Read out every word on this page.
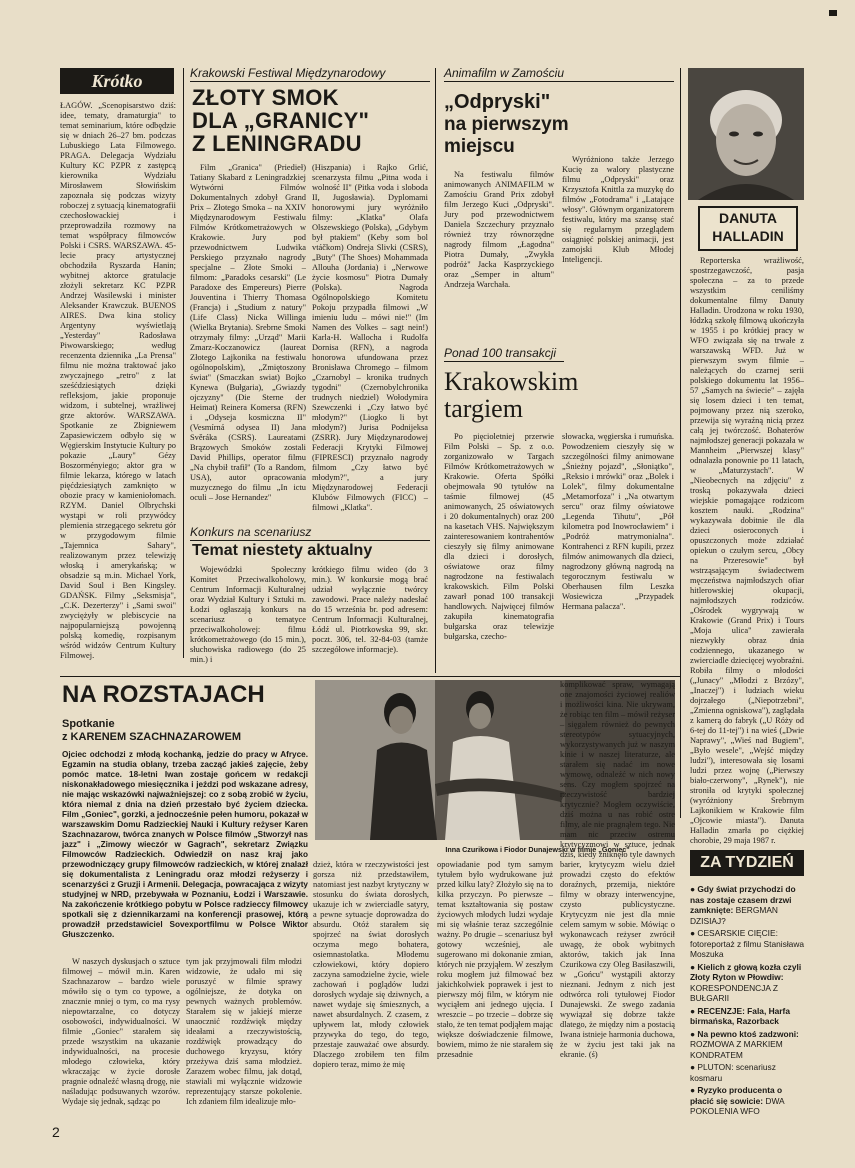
Krótko

ŁAGÓW. „Scenopisarstwo dziś: idee, tematy, dramaturgia" to temat seminarium, które odbędzie się w dniach 26–27 bm. podczas Lubuskiego Lata Filmowego. PRAGA. Delegacja Wydziału Kultury KC PZPR z zastępcą kierownika Wydziału Mirosławem Słowińskim zapoznała się podczas wizyty roboczej z sytuacją kinematografii czechosłowackiej i przeprowadziła rozmowy na temat współpracy filmowców Polski i CSRS. WARSZAWA. 45-lecie pracy artystycznej obchodziła Ryszarda Hanin; wybitnej aktorce gratulacje złożyli sekretarz KC PZPR Andrzej Wasilewski i minister Aleksander Krawczuk. BUENOS AIRES. Dwa kina stolicy Argentyny wyświetlają „Yesterday" Radosława Piwowarskiego; według recenzenta dziennika „La Prensa" filmu nie można traktować jako zwyczajnego „retro" z lat sześćdziesiątych dzięki refleksjom, jakie proponuje widzom, i subtelnej, wrażliwej grze aktorów. WARSZAWA. Spotkanie ze Zbigniewem Zapasiewiczem odbyło się w Węgierskim Instytucie Kultury po pokazie „Laury" Gézy Boszorményiego; aktor gra w filmie lekarza, którego w latach pięćdziesiątych zamknięto w obozie pracy w kamieniołomach. RZYM. Daniel Olbrychski wystąpi w roli przywódcy plemienia strzegącego sekretu gór w przygodowym filmie „Tajemnica Sahary", realizowanym przez telewizję włoską i amerykańską; w obsadzie są m.in. Michael York, David Soul i Ben Kingsley. GDAŃSK. Filmy „Seksmisja", „C.K. Dezerterzy" i „Sami swoi" zwyciężyły w plebiscycie na najpopularniejszą powojenną polską komedię, rozpisanym wśród widzów Centrum Kultury Filmowej.

Krakowski Festiwal Międzynarodowy
ZŁOTY SMOK
DLA „GRANICY"
Z LENINGRADU

Film „Granica" (Priedieł) Tatiany Skabard z Leningradzkiej Wytwórni Filmów Dokumentalnych zdobył Grand Prix – Złotego Smoka – na XXIV Międzynarodowym Festiwalu Filmów Krótkometrażowych w Krakowie. Jury pod przewodnictwem Ludwika Perskiego przyznało nagrody specjalne – Złote Smoki – filmom: „Paradoks cesarski" (Le Paradoxe des Empereurs) Pierre Jouventina i Thierry Thomasa (Francja) i „Studium z natury" (Life Class) Nicka Willinga (Wielka Brytania). Srebrne Smoki otrzymały filmy: „Urząd" Marii Zmarz-Koczanowicz (laureat Złotego Lajkonika na festiwalu ogólnopolskim), „Zmiętoszony świat" (Smaczkan swiat) Bojko Kynewa (Bułgaria), „Gwiazdy ojczyzny" (Die Sterne der Heimat) Reinera Komersa (RFN) i „Odyseja kosmiczna II" (Vesmírná odysea II) Jana Svěráka (CSRS). Laureatami Brązowych Smoków zostali David Phillips, operator filmu „Na chybił trafił" (To a Random, USA), autor opracowania muzycznego do filmu „In ictu oculi – Jose Hernandez"

(Hiszpania) i Rajko Grlić, scenarzysta filmu „Pitna woda i wolność II" (Pitka voda i sloboda II, Jugosławia). Dyplomami honorowymi jury wyróżniło filmy: „Klatka" Olafa Olszewskiego (Polska), „Gdybym był ptakiem" (Keby som bol vtáčkom) Ondreja Slivki (CSRS), „Buty" (The Shoes) Mohammada Allouha (Jordania) i „Nerwowe życie kosmosu" Piotra Dumały (Polska). Nagroda Ogólnopolskiego Komitetu Pokoju przypadła filmowi „W imieniu ludu – mówi nie!" (Im Namen des Volkes – sagt nein!) Karla-H. Wallocha i Rudolfa Dornisa (RFN), a nagroda honorowa ufundowana przez Bronisława Chromego – filmom „Czarnobyl – kronika trudnych tygodni" (Czernobylchronika trudnych niedziel) Wołodymira Szewczenki i „Czy łatwo być młodym?" (Liogko li byt młodym?) Jurisa Podnijeksa (ZSRR). Jury Międzynarodowej Federacji Krytyki Filmowej (FIPRESCI) przyznało nagrody filmom „Czy łatwo być młodym?", a jury Międzynarodowej Federacji Klubów Filmowych (FICC) – filmowi „Klatka".

Konkurs na scenariusz
Temat niestety aktualny

Wojewódzki Społeczny Komitet Przeciwalkoholowy, Centrum Informacji Kulturalnej oraz Wydział Kultury i Sztuki m. Łodzi ogłaszają konkurs na scenariusz o tematyce przeciwalkoholowej: filmu krótkometrażowego (do 15 min.), słuchowiska radiowego (do 25 min.) i

krótkiego filmu wideo (do 3 min.). W konkursie mogą brać udział wyłącznie twórcy zawodowi. Prace należy nadesłać do 15 września br. pod adresem: Centrum Informacji Kulturalnej, Łódź ul. Piotrkowska 99, skr. poczt. 306, tel. 32-84-03 (tamże szczegółowe informacje).

Animafilm w Zamościu
„Odpryski"
na pierwszym
miejscu

Na festiwalu filmów animowanych ANIMAFILM w Zamościu Grand Prix zdobył film Jerzego Kuci „Odpryski". Jury pod przewodnictwem Daniela Szczechury przyznało również trzy równorzędne nagrody filmom „Łagodna" Piotra Dumały, „Zwykła podróż" Jacka Kasprzyckiego oraz „Semper in altum" Andrzeja Warchała.

Wyróżniono także Jerzego Kucię za walory plastyczne filmu „Odpryski" oraz Krzysztofa Knittla za muzykę do filmów „Fotodrama" i „Latające włosy". Głównym organizatorem festiwalu, który ma szansę stać się regularnym przeglądem osiągnięć polskiej animacji, jest zamojski Klub Młodej Inteligencji.

Ponad 100 transakcji
Krakowskim
targiem

Po pięcioletniej przerwie Film Polski – Sp. z o.o. zorganizowało w Targach Filmów Krótkometrażowych w Krakowie. Oferta Spółki obejmowała 90 tytułów na taśmie filmowej (45 animowanych, 25 oświatowych i 20 dokumentalnych) oraz 200 na kasetach VHS. Największym zainteresowaniem kontrahentów cieszyły się filmy animowane dla dzieci i dorosłych, oświatowe oraz filmy nagrodzone na festiwalach krakowskich. Film Polski zawarł ponad 100 transakcji handlowych. Najwięcej filmów zakupiła kinematografia bułgarska oraz telewizje bułgarska, czecho-

słowacka, węgierska i rumuńska. Powodzeniem cieszyły się w szczególności filmy animowane „Śnieżny pojazd", „Słoniątko", „Reksio i mrówki" oraz „Bolek i Lolek", filmy dokumentalne „Metamorfoza" i „Na otwartym sercu" oraz filmy oświatowe „Legenda Tihutu", „Pół kilometra pod Inowrocławiem" i „Podróż matrymonialna". Kontrahenci z RFN kupili, przez filmów animowanych dla dzieci, nagrodzony główną nagrodą na tegorocznym festiwalu w Oberhausen film Leszka Wosiewicza „Przypadek Hermana palacza".

DANUTA
HALLADIN

Reporterska wrażliwość, spostrzegawczość, pasja społeczna – za to przede wszystkim ceniliśmy dokumentalne filmy Danuty Halladin. Urodzona w roku 1930, łódzką szkołę filmową ukończyła w 1955 i po krótkiej pracy w WFO związała się na trwałe z warszawską WFD. Już w pierwszym swym filmie – należących do czarnej serii polskiego dokumentu lat 1956–57 „Samych na świecie" – zajęła się losem dzieci i ten temat, pojmowany przez nią szeroko, przewija się wyraźną nicią przez całą jej twórczość. Bohaterów najmłodszej generacji pokazała w Mannheim „Pierwszej klasy" odnalazła ponownie po 11 latach, w „Maturzystach". W „Nieobecnych na zdjęciu" z troską pokazywała dzieci wiejskie pomagające rodzicom kosztem nauki. „Rodzina" wykazywała dobitnie ile dla dzieci osieroconych i opuszczonych może zdziałać opiekun o czułym sercu, „Obcy na Przeresowie" był wstrząsającym świadectwem męczeństwa najmłodszych ofiar hitlerowskiej okupacji, najmłodszych rodziców. „Ośrodek wygrywają w Krakowie (Grand Prix) i Tours „Moja ulica" zawierała niezwykły obraz dnia codziennego, ukazanego w zwierciadle dziecięcej wyobraźni. Robiła filmy o młodości („Junacy" „Młodzi z Brzózy", „Inaczej") i ludziach wieku dojrzałego („Niepotrzebni", „Zmienna ogniskowa"), zaglądała z kamerą do fabryk („U Róży od 6-tej do 11-tej") i na wieś („Dwie Naprawy", „Wieś nad Bugiem", „Było wesele", „Wejść między ludzi"), interesowała się losami ludzi przez wojnę („Pierwszy biało-czerwony", „Rynek"), nie stroniła od krytyki społecznej (wyróżniony Srebrnym Lajkonikiem w Krakowie film „Ojcowie miasta"). Danuta Halladin zmarła po ciężkiej chorobie, 29 maja 1987 r.

ZA TYDZIEŃ
● Gdy świat przychodzi do nas zostaje czasem drzwi zamknięte: BERGMAN DZISIAJ?
● CESARSKIE CIĘCIE: fotoreportaż z filmu Stanisława Moszuka
● Kielich z głową kozła czyli Złoty Ryton w Płowdiw: KORESPONDENCJA Z BUŁGARII
● RECENZJE: Fala, Harfa birmańska, Razorback
● Na pewno ktoś zadzwoni: ROZMOWA Z MARKIEM KONDRATEM
● PLUTON: scenariusz kosmaru
● Ryzyko producenta o płacić się sowicie: DWA POKOLENIA WFO
NA ROZSTAJACH
Spotkanie
z KARENEM SZACHNAZAROWEM

Ojciec odchodzi z młodą kochanką, jedzie do pracy w Afryce. Egzamin na studia oblany, trzeba zacząć jakieś zajęcie, żeby pomóc matce. 18-letni Iwan zostaje gońcem w redakcji niskonakładowego miesięcznika i jeździ pod wskazane adresy, nie mając wskazówki najważniejszej: co z sobą zrobić w życiu, która niemal z dnia na dzień przestało być życiem dziecka. Film „Goniec", gorzki, a jednocześnie pełen humoru, pokazał w warszawskim Domu Radzieckiej Nauki i Kultury reżyser Karen Szachnazarow, twórca znanych w Polsce filmów „Stworzył nas jazz" i „Zimowy wieczór w Gagrach", sekretarz Związku Filmowców Radzieckich. Odwiedził on nasz kraj jako przewodniczący grupy filmowców radzieckich, w której znalazł się dokumentalista z Leningradu oraz młodzi reżyserzy i scenarzyści z Gruzji i Armenii. Delegacja, powracająca z wizyty studyjnej w NRD, przebywała w Poznaniu, Łodzi i Warszawie. Na zakończenie krótkiego pobytu w Polsce radzieccy filmowcy spotkali się z dziennikarzami na konferencji prasowej, którą prowadził przedstawiciel Sovexportfilmu w Polsce Wiktor Głuszczenko.

Inna Czurikowa i Fiodor Dunajewski w filmie „Goniec"

W naszych dyskusjach o sztuce filmowej – mówił m.in. Karen Szachnazarow – bardzo wiele mówiło się o tym co typowe, a znacznie mniej o tym, co ma rysy niepowtarzalne, co dotyczy osobowości, indywidualności. W filmie „Goniec" starałem się przede wszystkim na ukazanie indywidualności, na procesie młodego człowieka, który wkraczając w życie dorosłe pragnie odnaleźć własną drogę, nie naśladując podsuwanych wzorów. Wydaje się jednak, sądząc po

tym jak przyjmowali film młodzi widzowie, że udało mi się poruszyć w filmie sprawy ogólniejsze, że dotyka on pewnych ważnych problemów. Starałem się w jakiejś mierze unaocznić rozdźwięk między ideałami a rzeczywistością, rozdźwięk prowadzący do duchowego kryzysu, który przeżywa dziś sama młodzież. Zarazem wobec filmu, jak dotąd, stawiali mi wyłącznie widzowie reprezentujący starsze pokolenie. Ich zdaniem film idealizuje mło-

dzież, która w rzeczywistości jest gorsza niż przedstawiłem, natomiast jest nazbyt krytyczny w stosunku do świata dorosłych, ukazuje ich w zwierciadle satyry, a pewne sytuacje doprowadza do absurdu. Otóż starałem się spojrzeć na świat dorosłych oczyma mego bohatera, osiemnastolatka. Młodemu człowiekowi, który dopiero zaczyna samodzielne życie, wiele zachowań i poglądów ludzi dorosłych wydaje się dziwnych, a nawet wydaje się śmiesznych, a nawet absurdalnych. Z czasem, z upływem lat, młody człowiek przywyka do tego, do tego, przestaje zauważać owe absurdy. Dlaczego zrobiłem ten film dopiero teraz, mimo że mię

opowiadanie pod tym samym tytułem było wydrukowane już przed kilku laty? Złożyło się na to kilka przyczyn. Po pierwsze – temat kształtowania się postaw życiowych młodych ludzi wydaje mi się właśnie teraz szczególnie ważny. Po drugie – scenariusz był gotowy wcześniej, ale sugerowano mi dokonanie zmian, których nie przyjąłem. W zeszłym roku mogłem już filmować bez jakichkolwiek poprawek i jest to pierwszy mój film, w którym nie wyciąłem ani jednego ujęcia. I wreszcie – po trzecie – dobrze się stało, że ten temat podjąłem mając większe doświadczenie filmowe, bowiem, mimo że nie starałem się przesadnie

komplikować spraw, wymagają one znajomości życiowej realiów i możliwości kina. Nie ukrywam, że robiąc ten film – mówił reżyser – sięgałem również do pewnych stereotypów sytuacyjnych, wykorzystywanych już w naszym kinie i w naszej literaturze, ale starałem się nadać im nowe wymowę, odnaleźć w nich nowy sens. Czy mogłem spojrzeć na rzeczywistość bardziej krytycznie? Mogłem oczywiście, dziś można u nas robić ostre filmy, ale nie pragnąłem tego. Nie mam nic przeciw ostremu krytycyzmowi w sztuce, jednak dziś, kiedy zniknęło tyle dawnych barier, krytycyzm wielu dzieł prowadzi często do efektów doraźnych, przemija, niektóre filmy w obrazy interwencyjne, czysto publicystyczne. Krytycyzm nie jest dla mnie celem samym w sobie. Mówiąc o wykonawcach reżyser zwrócił uwagę, że obok wybitnych aktorów, takich jak Inna Czurikowa czy Oleg Basiłaszwili, w „Gońcu" wystąpili aktorzy nieznani. Jednym z nich jest odtwórca roli tytułowej Fiodor Dunajewski. Ze swego zadania wywiązał się dobrze także dlatego, że między nim a postacią Iwana istnieje harmonia duchowa, że w życiu jest taki jak na ekranie. (ś)

2
